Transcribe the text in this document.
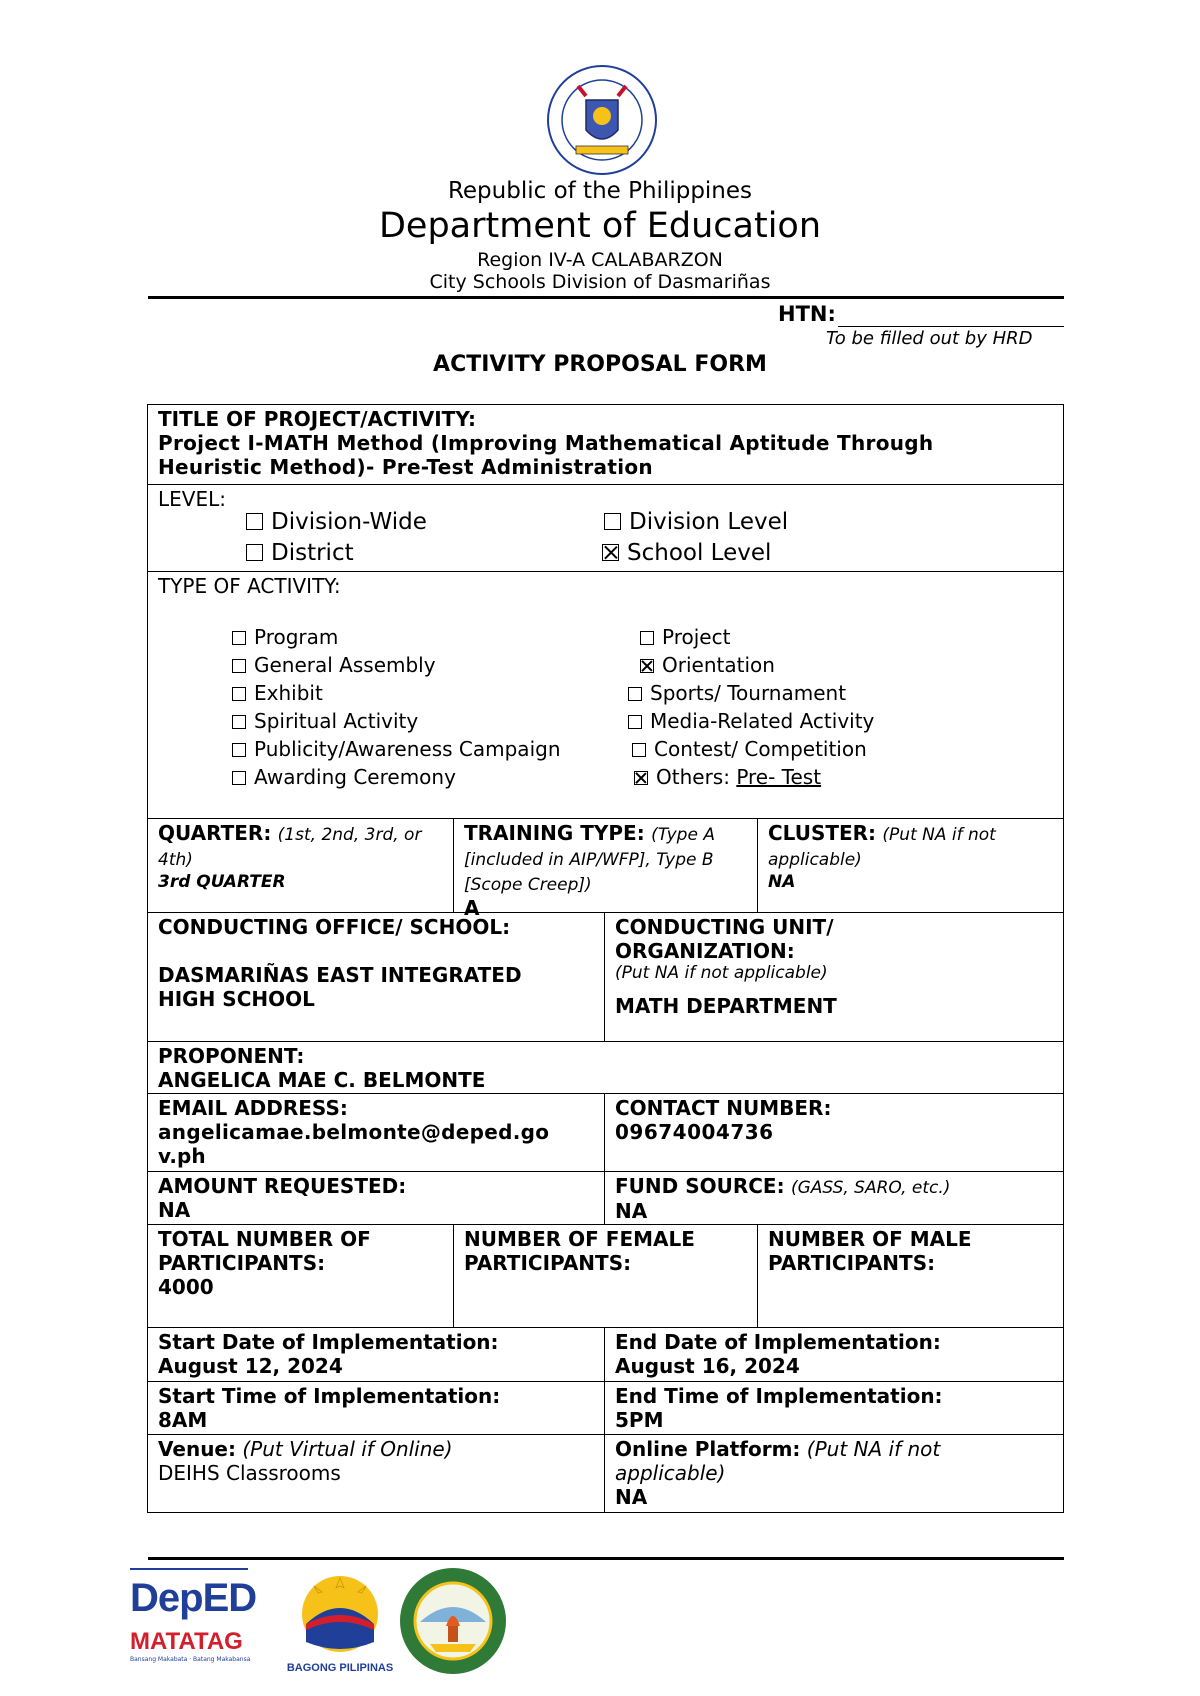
Republic of the Philippines
Department of Education
Region IV-A CALABARZON
City Schools Division of Dasmariñas
HTN:
To be filled out by HRD
ACTIVITY PROPOSAL FORM
TITLE OF PROJECT/ACTIVITY:
Project I-MATH Method (Improving Mathematical Aptitude Through
Heuristic Method)- Pre-Test Administration
LEVEL:
Division-Wide	Division Level
District	School Level
TYPE OF ACTIVITY:
Program
General Assembly
Exhibit
Spiritual Activity
Publicity/Awareness Campaign
Awarding Ceremony
Project
Orientation
Sports/ Tournament
Media-Related Activity
Contest/ Competition
Others: Pre- Test
QUARTER: (1st, 2nd, 3rd, or 4th)
3rd QUARTER
TRAINING TYPE: (Type A [included in AIP/WFP], Type B [Scope Creep])
A
CLUSTER: (Put NA if not applicable)
NA
CONDUCTING OFFICE/ SCHOOL:
DASMARIÑAS EAST INTEGRATED
HIGH SCHOOL
CONDUCTING UNIT/
ORGANIZATION:
(Put NA if not applicable)
MATH DEPARTMENT
PROPONENT:
ANGELICA MAE C. BELMONTE
EMAIL ADDRESS:
angelicamae.belmonte@deped.go
v.ph
CONTACT NUMBER:
09674004736
AMOUNT REQUESTED:
NA
FUND SOURCE: (GASS, SARO, etc.)
NA
TOTAL NUMBER OF
PARTICIPANTS:
4000
NUMBER OF FEMALE
PARTICIPANTS:
NUMBER OF MALE
PARTICIPANTS:
Start Date of Implementation:
August 12, 2024
End Date of Implementation:
August 16, 2024
Start Time of Implementation:
8AM
End Time of Implementation:
5PM
Venue: (Put Virtual if Online)
DEIHS Classrooms
Online Platform: (Put NA if not
applicable)
NA
DepED
MATATAG
Bansang Makabata · Batang Makabansa
BAGONG PILIPINAS
